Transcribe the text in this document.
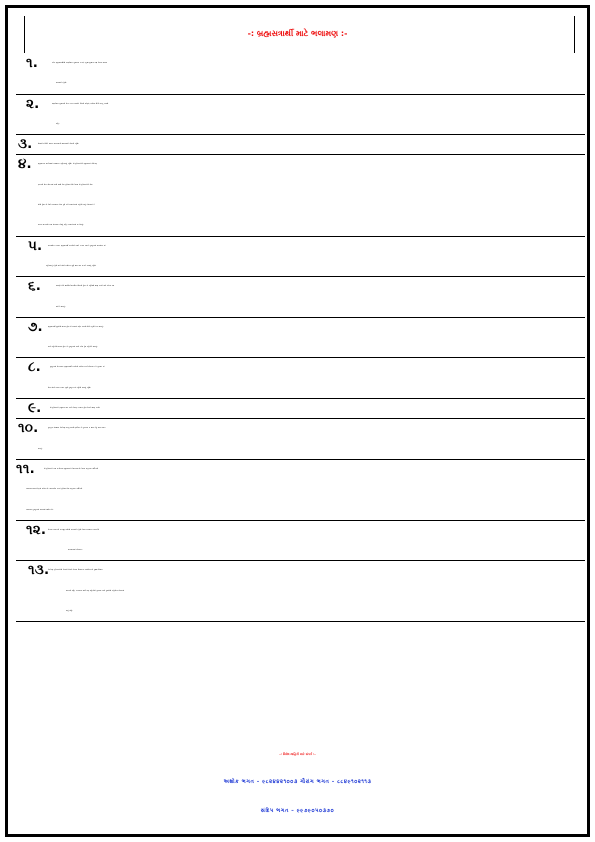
-: બ્રહ્મસત્રાર્થી માટે ભલામણ :-
૧.	દરેક બ્રહ્મસત્રાર્થીઓ જરૂરીયાત મુજબના કપડાં, પૂજા-પૂજાના વસ્ત્ર તેમજ સામાન
લાવવાનો રહેશે.
૨.	જરૂરીયાત મુજબની રોકડ રકમ લાવવી. કિંમતી ઘરેણાં, દાગીના વિગેરે વસ્તુ લાવવી
નહિ.
૩.	મોબાઈલ વિગેરે સાધન સાચવવાની જવાબદારી પોતાની રહેશે.
૪.	બ્રહ્મસત્રના કાર્યક્રમમાં સમયસર પહોંચવાનું રહેશે. જે હરિભક્તોને બ્રહ્મસત્રમાં કોઈપણ
પ્રકારની સેવા સોપવામાં નથી આવી તેવા હરિભક્તોએ તેમજ જે હરિભક્તોને સેવા
સોપી હોય તો તેમને સમયસર સેવા પૂરી કરી સભામંડપમાં પહોચી જવું. મેદાનમાં કે
અન્ય જગ્યાએ કથા સંભાળવા બેસવું નહિ. સભામંડપમાં જ બેસવું.
૫.	અપડાઉન કરનાર બ્રહ્મસત્રાર્થી ભક્તોએ સવારે ૯:૦૦ કલાકે ગુરુકુલમાં સભામંડપ માં
પહોંચવાનું રહેશે અને સાંજે કાર્યક્રમ પૂર્ણ થયા બાદ જ ઘરે જવાનું રહેશે.
૬.	આપણે કોઈ શારીરિક/માનસિક બિમારી હોય તો પહેલેથી જાણ કરવી અને યોગ્ય દવા
લઈને આવવું.
૭.	બ્રહ્મસત્રાર્થી પુરૂષોએ શક્ય હોય તો સભામાં સફેદ ઝભ્ભો-લેંઘો પહરીને જ આવવું.
અને બહેનોએ શક્ય હોય તો ગુરુકુલમાં નક્કી કરેલ ડ્રેસ પહેરીને આવવું.
૮.	ગુરૂકુલમાં રોકાવનાર બ્રહ્મસત્રાર્થી ભક્તોએ તારીખ:-૦૯/૧૧/૨૦૨૩ ને ગુરુવાર નાં
રોજ સાંજે ૫:૦૦ કલાક સુધી ગુરુકુલ માં પહોંચી જવાનું રહેશે.
૯.	જે હરિભક્તો બ્રહ્મસત્ર બાદ રાત્રી રોકાણ કરવાના હોય તેમને જાણ કરવી.
૧૦.	ગુરુકુલ સંસ્થાના કોઈપણ વસ્તુ-પદાર્થ-ફર્નીચર ને નુકસાન ન થાય તેનું ખાસ ધ્યાન
રાખવું.
૧૧.	જે હરિભક્તો બધા જ દિવસ બ્રહ્મસત્રમાં રોકાવવાના છે તેમના વાહનના પાર્કિંગની
વ્યવસ્થા માનવકેન્દ્રમાં રાખેલ છે. અપડાઉન કરતાં હરિભક્તોના વાહનના પાર્કિંગની
વ્યવસ્થા ગુરુકુલમાં રાખવામાં આવેલ છે.
૧૨.	પોતાના બાળકની કાળજી વાલીએ રાખવાની રહેશે તેમજ સમયસર બાળકોને
બાળસભામાં મોકલવા.
૧૩.
કોઈપણ હરિભક્તોએ પોતાનો ઉતારો ઉતારા વિભાગના સ્વયંસેવકને પૂછ્યા સિવાય
બદલવો નહિ. કામકાજ અર્થે પણ બહેનોએ પુરુષના અને પુરુષોએ બહેનોના ઉતારામાં
જવું નહિ.
-: વિશેષ માહિતી માટે સંપર્ક :-
અશોક ભગત – ૯૮૨૪૪૨૧૦૦૩ ગૌરાંગ ભગત – ૮૮૪૯૧૦૨૧૧૩
સંદિપ ભગત – ૯૯૭૯૦૫૦૩૭૦
